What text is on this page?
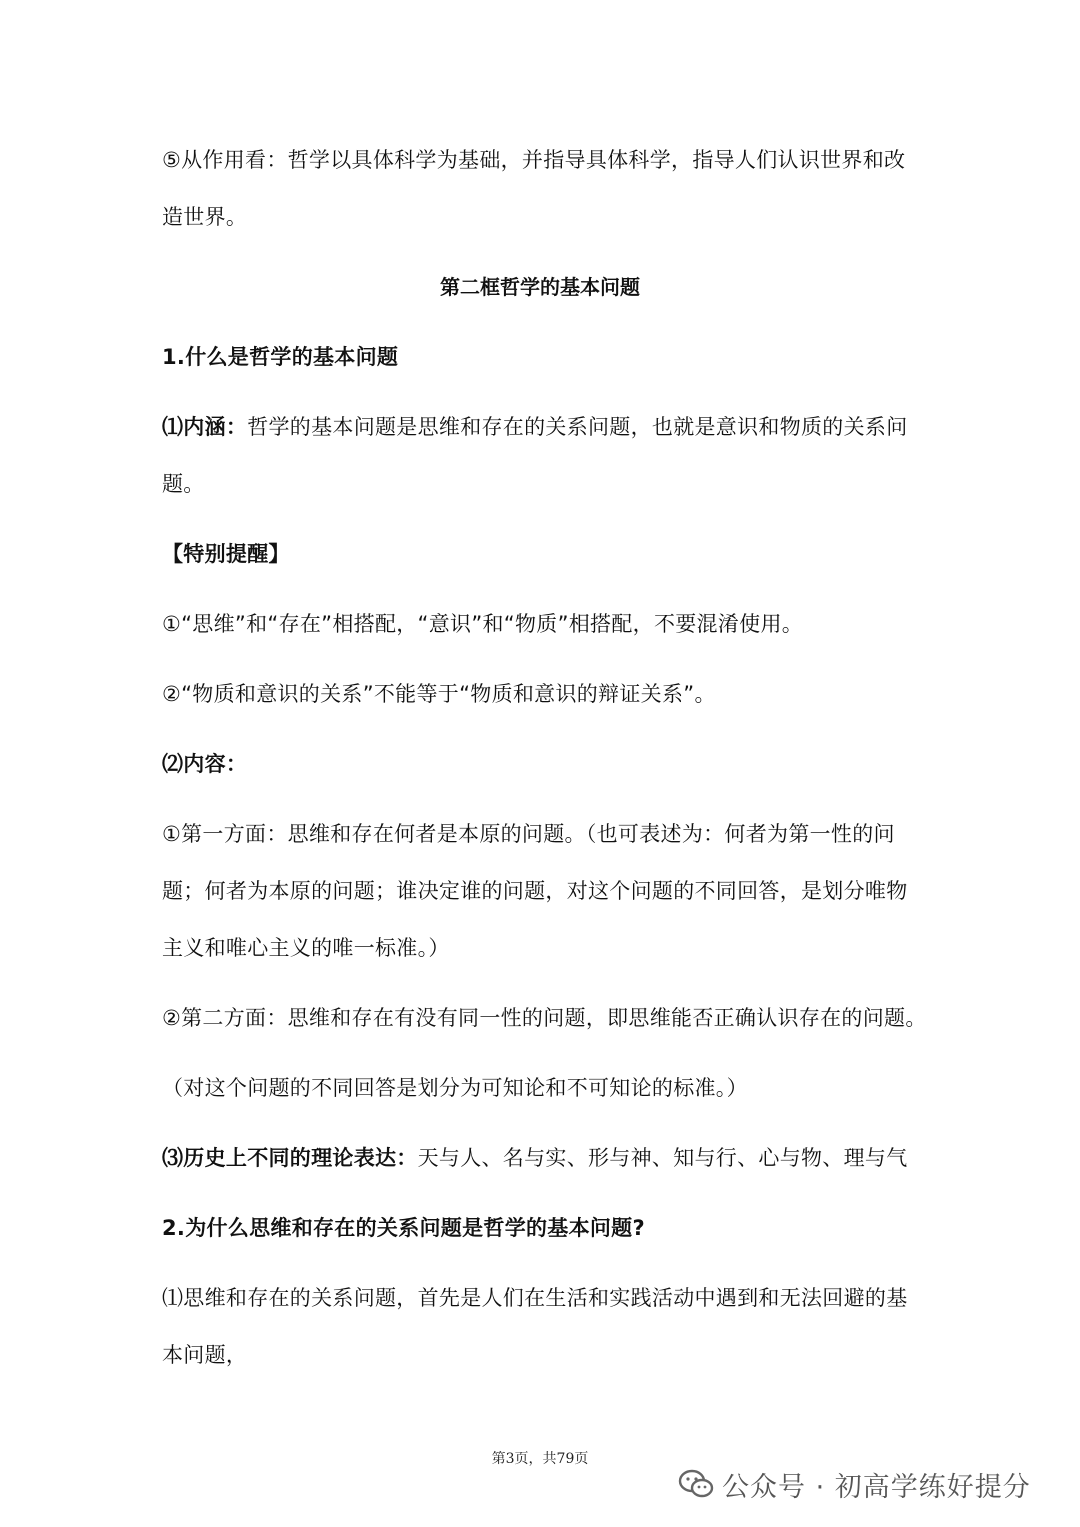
⑤从作用看：哲学以具体科学为基础，并指导具体科学，指导人们认识世界和改
造世界。
第二框哲学的基本问题
1.什么是哲学的基本问题
⑴内涵：哲学的基本问题是思维和存在的关系问题，也就是意识和物质的关系问
题。
【特别提醒】
①“思维”和“存在”相搭配，“意识”和“物质”相搭配，不要混淆使用。
②“物质和意识的关系”不能等于“物质和意识的辩证关系”。
⑵内容：
①第一方面：思维和存在何者是本原的问题。（也可表述为：何者为第一性的问
题；何者为本原的问题；谁决定谁的问题，对这个问题的不同回答，是划分唯物
主义和唯心主义的唯一标准。）
②第二方面：思维和存在有没有同一性的问题，即思维能否正确认识存在的问题。
（对这个问题的不同回答是划分为可知论和不可知论的标准。）
⑶历史上不同的理论表达：天与人、名与实、形与神、知与行、心与物、理与气
2.为什么思维和存在的关系问题是哲学的基本问题?
⑴思维和存在的关系问题，首先是人们在生活和实践活动中遇到和无法回避的基
本问题，
第3页，共79页
公众号 · 初高学练好提分
